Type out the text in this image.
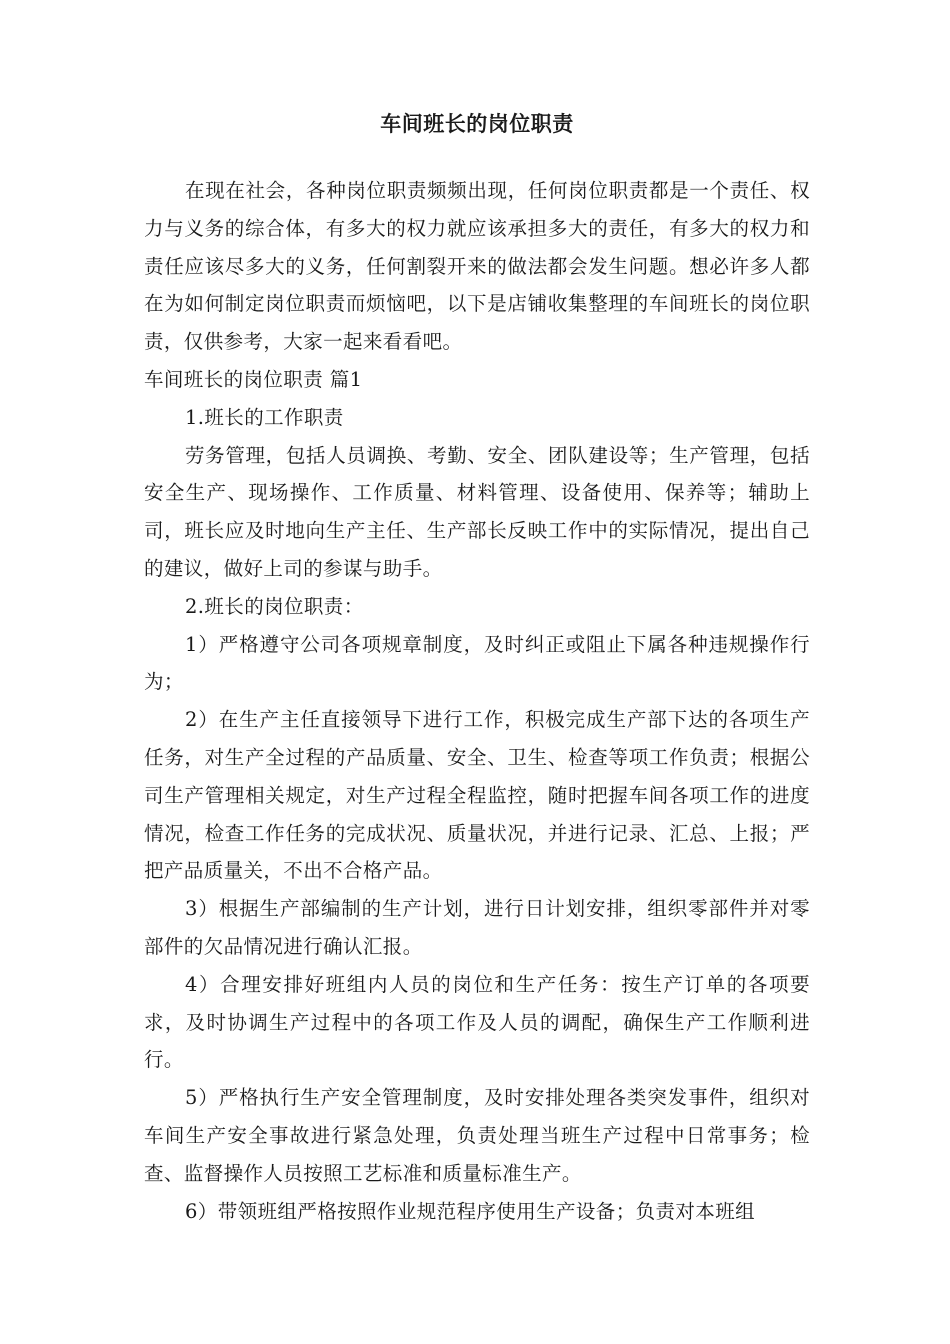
车间班长的岗位职责

在现在社会，各种岗位职责频频出现，任何岗位职责都是一个责任、权力与义务的综合体，有多大的权力就应该承担多大的责任，有多大的权力和责任应该尽多大的义务，任何割裂开来的做法都会发生问题。想必许多人都在为如何制定岗位职责而烦恼吧，以下是店铺收集整理的车间班长的岗位职责，仅供参考，大家一起来看看吧。

车间班长的岗位职责 篇1

1.班长的工作职责

劳务管理，包括人员调换、考勤、安全、团队建设等；生产管理，包括安全生产、现场操作、工作质量、材料管理、设备使用、保养等；辅助上司，班长应及时地向生产主任、生产部长反映工作中的实际情况，提出自己的建议，做好上司的参谋与助手。

2.班长的岗位职责：

1）严格遵守公司各项规章制度，及时纠正或阻止下属各种违规操作行为；

2）在生产主任直接领导下进行工作，积极完成生产部下达的各项生产任务，对生产全过程的产品质量、安全、卫生、检查等项工作负责；根据公司生产管理相关规定，对生产过程全程监控，随时把握车间各项工作的进度情况，检查工作任务的完成状况、质量状况，并进行记录、汇总、上报；严把产品质量关，不出不合格产品。

3）根据生产部编制的生产计划，进行日计划安排，组织零部件并对零部件的欠品情况进行确认汇报。

4）合理安排好班组内人员的岗位和生产任务：按生产订单的各项要求，及时协调生产过程中的各项工作及人员的调配，确保生产工作顺利进行。

5）严格执行生产安全管理制度，及时安排处理各类突发事件，组织对车间生产安全事故进行紧急处理，负责处理当班生产过程中日常事务；检查、监督操作人员按照工艺标准和质量标准生产。

6）带领班组严格按照作业规范程序使用生产设备；负责对本班组
